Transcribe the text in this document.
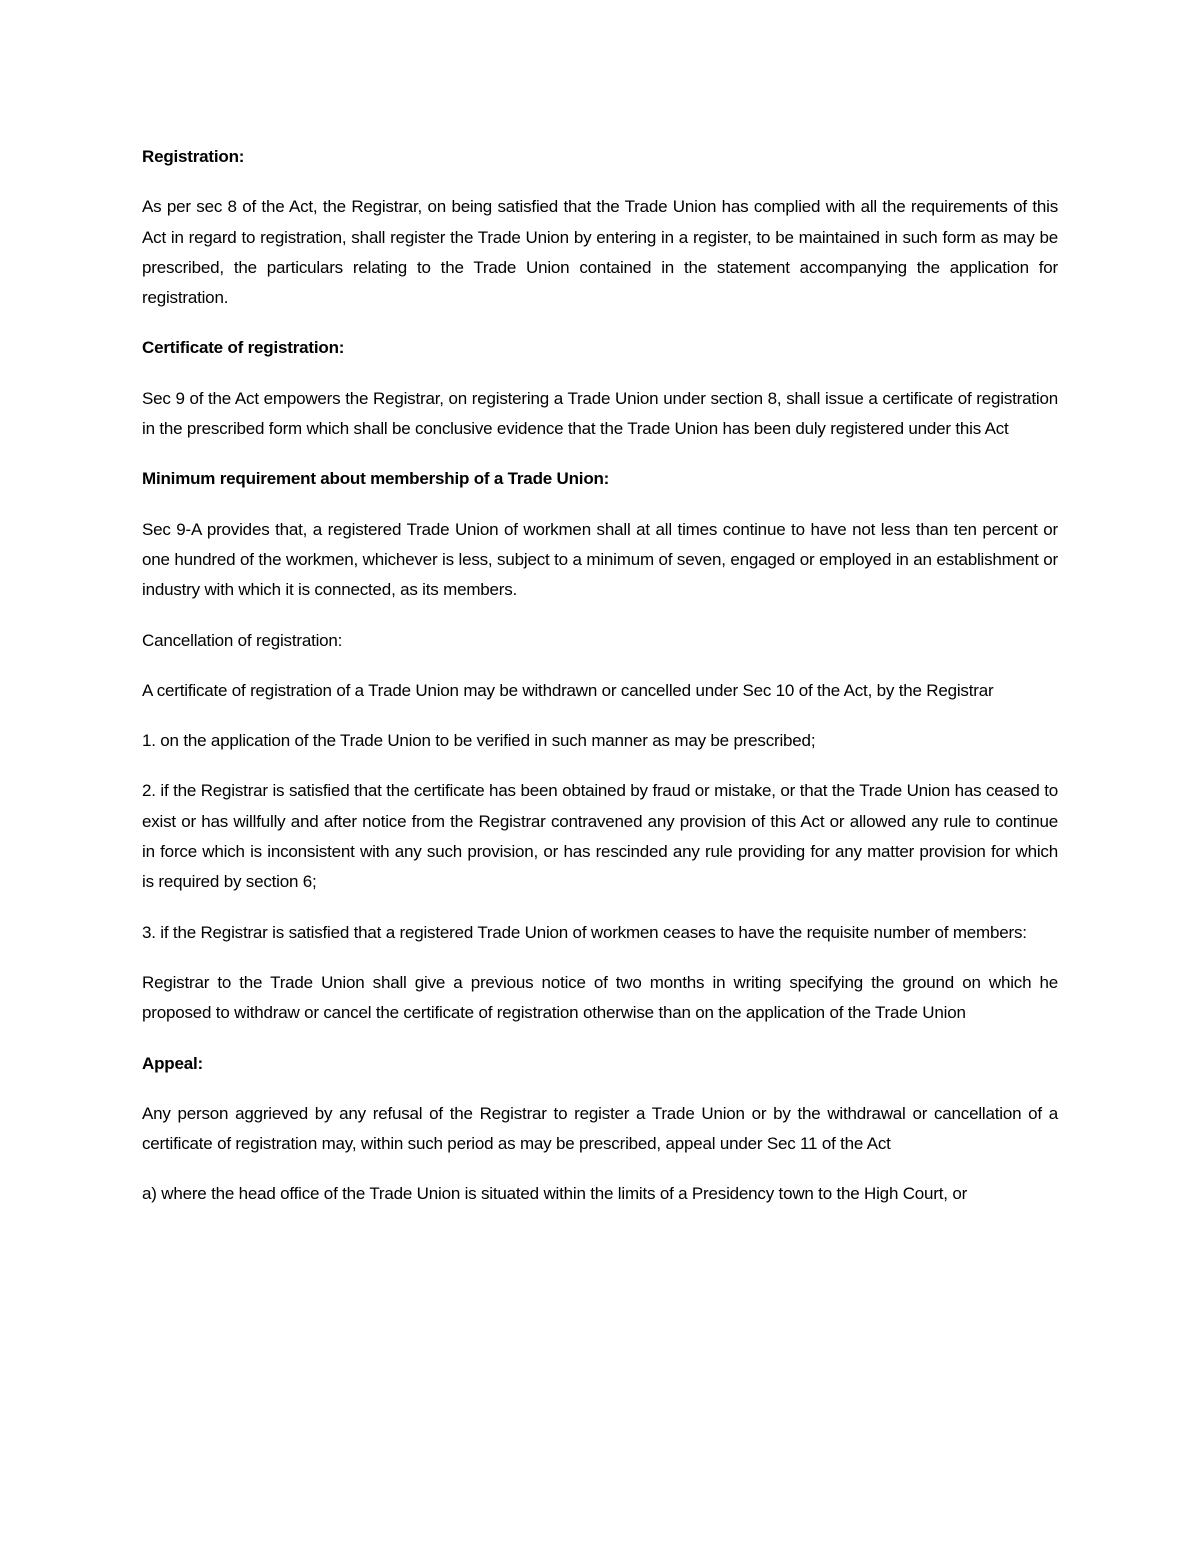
Registration:

As per sec 8 of the Act, the Registrar, on being satisfied that the Trade Union has complied with all the requirements of this Act in regard to registration, shall register the Trade Union by entering in a register, to be maintained in such form as may be prescribed, the particulars relating to the Trade Union contained in the statement accompanying the application for registration.

Certificate of registration:

Sec 9 of the Act empowers the Registrar, on registering a Trade Union under section 8, shall issue a certificate of registration in the prescribed form which shall be conclusive evidence that the Trade Union has been duly registered under this Act

Minimum requirement about membership of a Trade Union:

Sec 9-A provides that, a registered Trade Union of workmen shall at all times continue to have not less than ten percent or one hundred of the workmen, whichever is less, subject to a minimum of seven, engaged or employed in an establishment or industry with which it is connected, as its members.

Cancellation of registration:

A certificate of registration of a Trade Union may be withdrawn or cancelled under Sec 10 of the Act, by the Registrar

1. on the application of the Trade Union to be verified in such manner as may be prescribed;

2. if the Registrar is satisfied that the certificate has been obtained by fraud or mistake, or that the Trade Union has ceased to exist or has willfully and after notice from the Registrar contravened any provision of this Act or allowed any rule to continue in force which is inconsistent with any such provision, or has rescinded any rule providing for any matter provision for which is required by section 6;

3. if the Registrar is satisfied that a registered Trade Union of workmen ceases to have the requisite number of members:

Registrar to the Trade Union shall give a previous notice of two months in writing specifying the ground on which he proposed to withdraw or cancel the certificate of registration otherwise than on the application of the Trade Union

Appeal:

Any person aggrieved by any refusal of the Registrar to register a Trade Union or by the withdrawal or cancellation of a certificate of registration may, within such period as may be prescribed, appeal under Sec 11 of the Act

a) where the head office of the Trade Union is situated within the limits of a Presidency town to the High Court, or
